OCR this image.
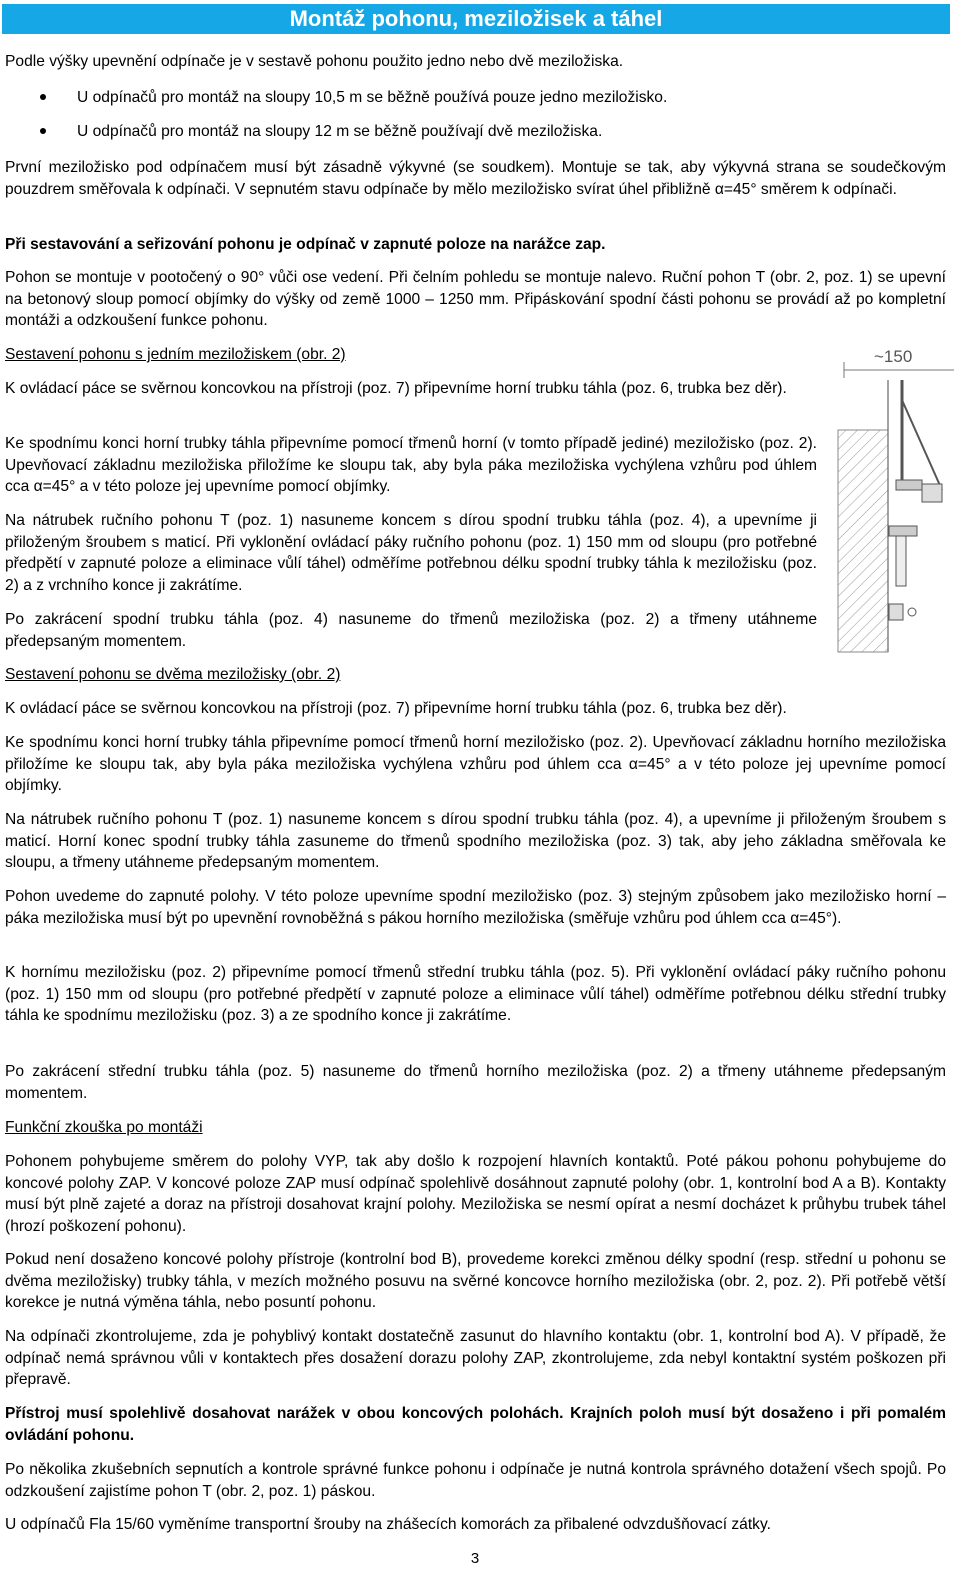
Montáž pohonu, meziložisek a táhel

Podle výšky upevnění odpínače je v sestavě pohonu použito jedno nebo dvě meziložiska.

U odpínačů pro montáž na sloupy 10,5 m se běžně používá pouze jedno meziložisko.
U odpínačů pro montáž na sloupy 12 m se běžně používají dvě meziložiska.

První meziložisko pod odpínačem musí být zásadně výkyvné (se soudkem). Montuje se tak, aby výkyvná strana se soudečkovým pouzdrem směřovala k odpínači. V sepnutém stavu odpínače by mělo meziložisko svírat úhel přibližně α=45° směrem k odpínači.

Při sestavování a seřizování pohonu je odpínač v zapnuté poloze na narážce zap.

Pohon se montuje v pootočený o 90° vůči ose vedení. Při čelním pohledu se montuje nalevo. Ruční pohon T (obr. 2, poz. 1) se upevní na betonový sloup pomocí objímky do výšky od země 1000 – 1250 mm. Připáskování spodní části pohonu se provádí až po kompletní montáži a odzkoušení funkce pohonu.

Sestavení pohonu s jedním meziložiskem (obr. 2)

K ovládací páce se svěrnou koncovkou na přístroji (poz. 7) připevníme horní trubku táhla (poz. 6, trubka bez děr).

Ke spodnímu konci horní trubky táhla připevníme pomocí třmenů horní (v tomto případě jediné) meziložisko (poz. 2). Upevňovací základnu meziložiska přiložíme ke sloupu tak, aby byla páka meziložiska vychýlena vzhůru pod úhlem cca α=45° a v této poloze jej upevníme pomocí objímky.

Na nátrubek ručního pohonu T (poz. 1) nasuneme koncem s dírou spodní trubku táhla (poz. 4), a upevníme ji přiloženým šroubem s maticí. Při vyklonění ovládací páky ručního pohonu (poz. 1) 150 mm od sloupu (pro potřebné předpětí v zapnuté poloze a eliminace vůlí táhel) odměříme potřebnou délku spodní trubky táhla k meziložisku (poz. 2) a z vrchního konce ji zakrátíme.

Po zakrácení spodní trubku táhla (poz. 4) nasuneme do třmenů meziložiska (poz. 2) a třmeny utáhneme předepsaným momentem.

Sestavení pohonu se dvěma meziložisky (obr. 2)

K ovládací páce se svěrnou koncovkou na přístroji (poz. 7) připevníme horní trubku táhla (poz. 6, trubka bez děr).

Ke spodnímu konci horní trubky táhla připevníme pomocí třmenů horní meziložisko (poz. 2). Upevňovací základnu horního meziložiska přiložíme ke sloupu tak, aby byla páka meziložiska vychýlena vzhůru pod úhlem cca α=45° a v této poloze jej upevníme pomocí objímky.

Na nátrubek ručního pohonu T (poz. 1) nasuneme koncem s dírou spodní trubku táhla (poz. 4), a upevníme ji přiloženým šroubem s maticí. Horní konec spodní trubky táhla zasuneme do třmenů spodního meziložiska (poz. 3) tak, aby jeho základna směřovala ke sloupu, a třmeny utáhneme předepsaným momentem.

Pohon uvedeme do zapnuté polohy. V této poloze upevníme spodní meziložisko (poz. 3) stejným způsobem jako meziložisko horní – páka meziložiska musí být po upevnění rovnoběžná s pákou horního meziložiska (směřuje vzhůru pod úhlem cca α=45°).

K hornímu meziložisku (poz. 2) připevníme pomocí třmenů střední trubku táhla (poz. 5). Při vyklonění ovládací páky ručního pohonu (poz. 1) 150 mm od sloupu (pro potřebné předpětí v zapnuté poloze a eliminace vůlí táhel) odměříme potřebnou délku střední trubky táhla ke spodnímu meziložisku (poz. 3) a ze spodního konce ji zakrátíme.

Po zakrácení střední trubku táhla (poz. 5) nasuneme do třmenů horního meziložiska (poz. 2) a třmeny utáhneme předepsaným momentem.

Funkční zkouška po montáži

Pohonem pohybujeme směrem do polohy VYP, tak aby došlo k rozpojení hlavních kontaktů. Poté pákou pohonu pohybujeme do koncové polohy ZAP. V koncové poloze ZAP musí odpínač spolehlivě dosáhnout zapnuté polohy (obr. 1, kontrolní bod A a B). Kontakty musí být plně zajeté a doraz na přístroji dosahovat krajní polohy. Meziložiska se nesmí opírat a nesmí docházet k průhybu trubek táhel (hrozí poškození pohonu).

Pokud není dosaženo koncové polohy přístroje (kontrolní bod B), provedeme korekci změnou délky spodní (resp. střední u pohonu se dvěma meziložisky) trubky táhla, v mezích možného posuvu na svěrné koncovce horního meziložiska (obr. 2, poz. 2). Při potřebě větší korekce je nutná výměna táhla, nebo posuntí pohonu.

Na odpínači zkontrolujeme, zda je pohyblivý kontakt dostatečně zasunut do hlavního kontaktu (obr. 1, kontrolní bod A). V případě, že odpínač nemá správnou vůli v kontaktech přes dosažení dorazu polohy ZAP, zkontrolujeme, zda nebyl kontaktní systém poškozen při přepravě.

Přístroj musí spolehlivě dosahovat narážek v obou koncových polohách. Krajních poloh musí být dosaženo i při pomalém ovládání pohonu.

Po několika zkušebních sepnutích a kontrole správné funkce pohonu i odpínače je nutná kontrola správného dotažení všech spojů. Po odzkoušení zajistíme pohon T (obr. 2, poz. 1) páskou.

U odpínačů Fla 15/60 vyměníme transportní šrouby na zhášecích komorách za přibalené odvzdušňovací zátky.

~150
3
